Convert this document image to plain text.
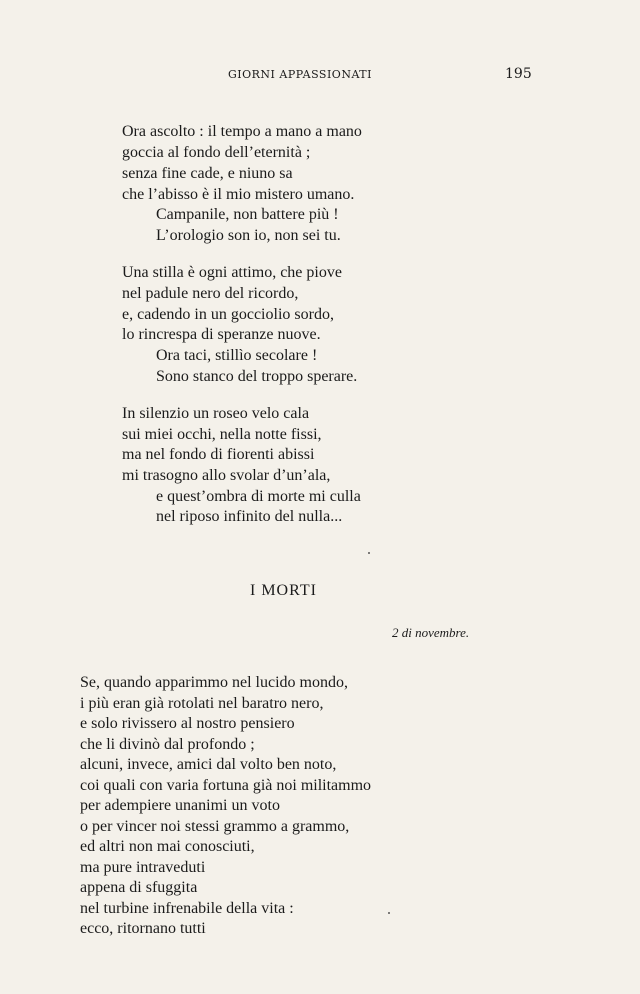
GIORNI APPASSIONATI	195
Ora ascolto : il tempo a mano a mano
goccia al fondo dell’eternità ;
senza fine cade, e niuno sa
che l’abisso è il mio mistero umano.
Campanile, non battere più !
L’orologio son io, non sei tu.
Una stilla è ogni attimo, che piove
nel padule nero del ricordo,
e, cadendo in un gocciolio sordo,
lo rincrespa di speranze nuove.
Ora taci, stillìo secolare !
Sono stanco del troppo sperare.
In silenzio un roseo velo cala
sui miei occhi, nella notte fissi,
ma nel fondo di fiorenti abissi
mi trasogno allo svolar d’un’ala,
e quest’ombra di morte mi culla
nel riposo infinito del nulla...
I MORTI
2 di novembre.
Se, quando apparimmo nel lucido mondo,
i più eran già rotolati nel baratro nero,
e solo rivissero al nostro pensiero
che li divinò dal profondo ;
alcuni, invece, amici dal volto ben noto,
coi quali con varia fortuna già noi militammo
per adempiere unanimi un voto
o per vincer noi stessi grammo a grammo,
ed altri non mai conosciuti,
ma pure intraveduti
appena di sfuggita
nel turbine infrenabile della vita :
ecco, ritornano tutti
